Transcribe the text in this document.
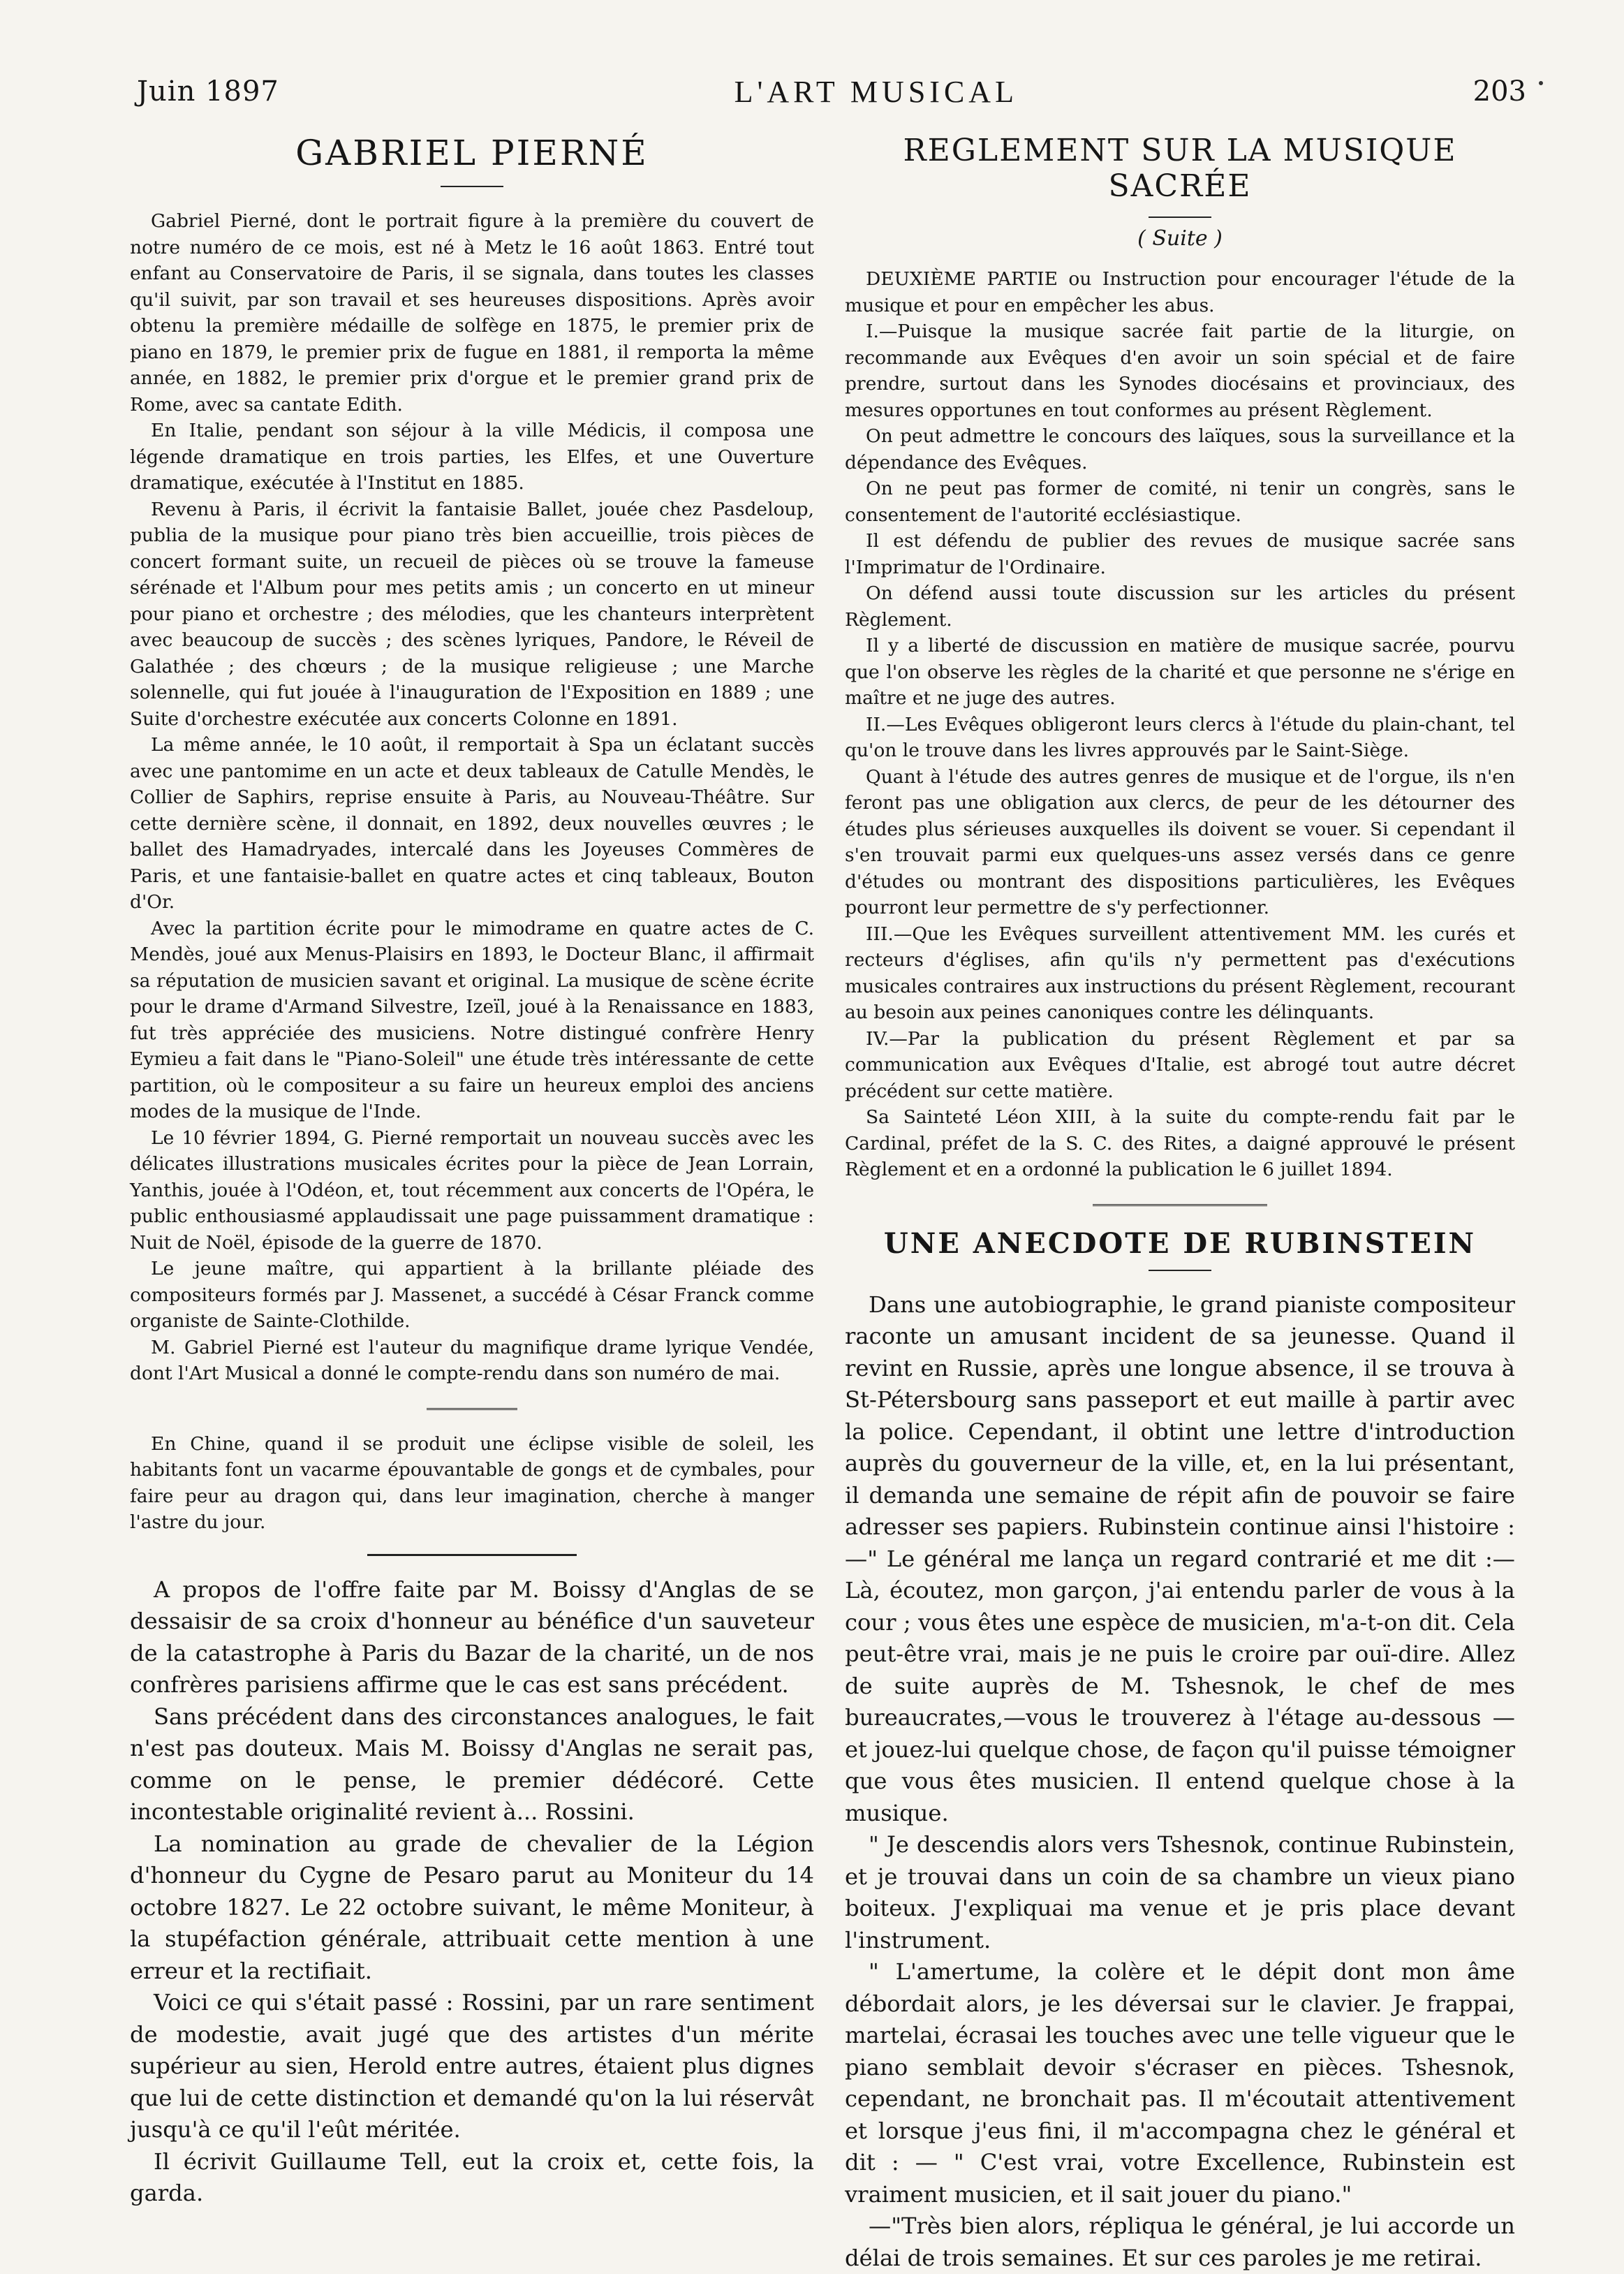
Juin 1897	L'ART MUSICAL	203
GABRIEL PIERNÉ

Gabriel Pierné, dont le portrait figure à la première du couvert de notre numéro de ce mois, est né à Metz le 16 août 1863. Entré tout enfant au Conservatoire de Paris, il se signala, dans toutes les classes qu'il suivit, par son travail et ses heureuses dispositions. Après avoir obtenu la première médaille de solfège en 1875, le premier prix de piano en 1879, le premier prix de fugue en 1881, il remporta la même année, en 1882, le premier prix d'orgue et le premier grand prix de Rome, avec sa cantate Edith.

En Italie, pendant son séjour à la ville Médicis, il composa une légende dramatique en trois parties, les Elfes, et une Ouverture dramatique, exécutée à l'Institut en 1885.

Revenu à Paris, il écrivit la fantaisie Ballet, jouée chez Pasdeloup, publia de la musique pour piano très bien accueillie, trois pièces de concert formant suite, un recueil de pièces où se trouve la fameuse sérénade et l'Album pour mes petits amis ; un concerto en ut mineur pour piano et orchestre ; des mélodies, que les chanteurs interprètent avec beaucoup de succès ; des scènes lyriques, Pandore, le Réveil de Galathée ; des chœurs ; de la musique religieuse ; une Marche solennelle, qui fut jouée à l'inauguration de l'Exposition en 1889 ; une Suite d'orchestre exécutée aux concerts Colonne en 1891.

La même année, le 10 août, il remportait à Spa un éclatant succès avec une pantomime en un acte et deux tableaux de Catulle Mendès, le Collier de Saphirs, reprise ensuite à Paris, au Nouveau-Théâtre. Sur cette dernière scène, il donnait, en 1892, deux nouvelles œuvres ; le ballet des Hamadryades, intercalé dans les Joyeuses Commères de Paris, et une fantaisie-ballet en quatre actes et cinq tableaux, Bouton d'Or.

Avec la partition écrite pour le mimodrame en quatre actes de C. Mendès, joué aux Menus-Plaisirs en 1893, le Docteur Blanc, il affirmait sa réputation de musicien savant et original. La musique de scène écrite pour le drame d'Armand Silvestre, Izeïl, joué à la Renaissance en 1883, fut très appréciée des musiciens. Notre distingué confrère Henry Eymieu a fait dans le "Piano-Soleil" une étude très intéressante de cette partition, où le compositeur a su faire un heureux emploi des anciens modes de la musique de l'Inde.

Le 10 février 1894, G. Pierné remportait un nouveau succès avec les délicates illustrations musicales écrites pour la pièce de Jean Lorrain, Yanthis, jouée à l'Odéon, et, tout récemment aux concerts de l'Opéra, le public enthousiasmé applaudissait une page puissamment dramatique : Nuit de Noël, épisode de la guerre de 1870.

Le jeune maître, qui appartient à la brillante pléiade des compositeurs formés par J. Massenet, a succédé à César Franck comme organiste de Sainte-Clothilde.

M. Gabriel Pierné est l'auteur du magnifique drame lyrique Vendée, dont l'Art Musical a donné le compte-rendu dans son numéro de mai.

En Chine, quand il se produit une éclipse visible de soleil, les habitants font un vacarme épouvantable de gongs et de cymbales, pour faire peur au dragon qui, dans leur imagination, cherche à manger l'astre du jour.

A propos de l'offre faite par M. Boissy d'Anglas de se dessaisir de sa croix d'honneur au bénéfice d'un sauveteur de la catastrophe à Paris du Bazar de la charité, un de nos confrères parisiens affirme que le cas est sans précédent.

Sans précédent dans des circonstances analogues, le fait n'est pas douteux. Mais M. Boissy d'Anglas ne serait pas, comme on le pense, le premier dédécoré. Cette incontestable originalité revient à... Rossini.

La nomination au grade de chevalier de la Légion d'honneur du Cygne de Pesaro parut au Moniteur du 14 octobre 1827. Le 22 octobre suivant, le même Moniteur, à la stupéfaction générale, attribuait cette mention à une erreur et la rectifiait.

Voici ce qui s'était passé : Rossini, par un rare sentiment de modestie, avait jugé que des artistes d'un mérite supérieur au sien, Herold entre autres, étaient plus dignes que lui de cette distinction et demandé qu'on la lui réservât jusqu'à ce qu'il l'eût méritée.

Il écrivit Guillaume Tell, eut la croix et, cette fois, la garda.

REGLEMENT SUR LA MUSIQUE SACRÉE
( Suite )

DEUXIÈME PARTIE ou Instruction pour encourager l'étude de la musique et pour en empêcher les abus.

I.—Puisque la musique sacrée fait partie de la liturgie, on recommande aux Evêques d'en avoir un soin spécial et de faire prendre, surtout dans les Synodes diocésains et provinciaux, des mesures opportunes en tout conformes au présent Règlement.

On peut admettre le concours des laïques, sous la surveillance et la dépendance des Evêques.

On ne peut pas former de comité, ni tenir un congrès, sans le consentement de l'autorité ecclésiastique.

Il est défendu de publier des revues de musique sacrée sans l'Imprimatur de l'Ordinaire.

On défend aussi toute discussion sur les articles du présent Règlement.

Il y a liberté de discussion en matière de musique sacrée, pourvu que l'on observe les règles de la charité et que personne ne s'érige en maître et ne juge des autres.

II.—Les Evêques obligeront leurs clercs à l'étude du plain-chant, tel qu'on le trouve dans les livres approuvés par le Saint-Siège.

Quant à l'étude des autres genres de musique et de l'orgue, ils n'en feront pas une obligation aux clercs, de peur de les détourner des études plus sérieuses auxquelles ils doivent se vouer. Si cependant il s'en trouvait parmi eux quelques-uns assez versés dans ce genre d'études ou montrant des dispositions particulières, les Evêques pourront leur permettre de s'y perfectionner.

III.—Que les Evêques surveillent attentivement MM. les curés et recteurs d'églises, afin qu'ils n'y permettent pas d'exécutions musicales contraires aux instructions du présent Règlement, recourant au besoin aux peines canoniques contre les délinquants.

IV.—Par la publication du présent Règlement et par sa communication aux Evêques d'Italie, est abrogé tout autre décret précédent sur cette matière.

Sa Sainteté Léon XIII, à la suite du compte-rendu fait par le Cardinal, préfet de la S. C. des Rites, a daigné approuvé le présent Règlement et en a ordonné la publication le 6 juillet 1894.

UNE ANECDOTE DE RUBINSTEIN

Dans une autobiographie, le grand pianiste compositeur raconte un amusant incident de sa jeunesse. Quand il revint en Russie, après une longue absence, il se trouva à St-Pétersbourg sans passeport et eut maille à partir avec la police. Cependant, il obtint une lettre d'introduction auprès du gouverneur de la ville, et, en la lui présentant, il demanda une semaine de répit afin de pouvoir se faire adresser ses papiers. Rubinstein continue ainsi l'histoire :—" Le général me lança un regard contrarié et me dit :—Là, écoutez, mon garçon, j'ai entendu parler de vous à la cour ; vous êtes une espèce de musicien, m'a-t-on dit. Cela peut-être vrai, mais je ne puis le croire par ouï-dire. Allez de suite auprès de M. Tshesnok, le chef de mes bureaucrates,—vous le trouverez à l'étage au-dessous — et jouez-lui quelque chose, de façon qu'il puisse témoigner que vous êtes musicien. Il entend quelque chose à la musique.

" Je descendis alors vers Tshesnok, continue Rubinstein, et je trouvai dans un coin de sa chambre un vieux piano boiteux. J'expliquai ma venue et je pris place devant l'instrument.

" L'amertume, la colère et le dépit dont mon âme débordait alors, je les déversai sur le clavier. Je frappai, martelai, écrasai les touches avec une telle vigueur que le piano semblait devoir s'écraser en pièces. Tshesnok, cependant, ne bronchait pas. Il m'écoutait attentivement et lorsque j'eus fini, il m'accompagna chez le général et dit : — " C'est vrai, votre Excellence, Rubinstein est vraiment musicien, et il sait jouer du piano."

—"Très bien alors, répliqua le général, je lui accorde un délai de trois semaines. Et sur ces paroles je me retirai.
